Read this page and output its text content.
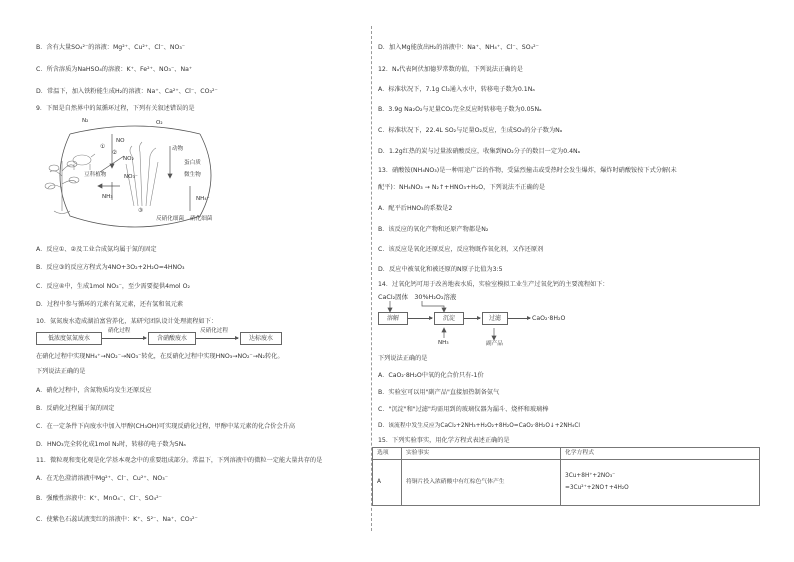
B．含有大量SO₄²⁻的溶液：Mg²⁺、Cu²⁺、Cl⁻、NO₃⁻
C．所含溶质为NaHSO₄的溶液：K⁺、Fe²⁺、NO₃⁻、Na⁺
D．常温下，加入铁粉能生成H₂的溶液：Na⁺、Ca²⁺、Cl⁻、CO₃²⁻
9．下图是自然界中的氮循环过程，下列有关叙述错误的是
N₂	O₂
NO
NO₂
NO₃⁻
NH₃	NH₄⁺
豆科植物
动物
蛋白质
微生物
反硝化细菌 硝化细菌
①
②
③
A．反应①、②及工业合成氨均属于氮的固定
B．反应③的反应方程式为4NO+3O₂+2H₂O=4HNO₃
C．反应④中，生成1mol NO₃⁻，至少需要提供4mol O₂
D．过程中参与循环的元素有氮元素，还有氢和氧元素
10．氨氮废水造成湖泊富营养化，某研究团队设计处理流程如下：
低浓度氨氮废水
硝化过程
含硝酸废水
反硝化过程
达标废水
在硝化过程中实现NH₄⁺→NO₂⁻→NO₃⁻转化，在反硝化过程中实现HNO₃→NO₂⁻→N₂转化。
下列说法正确的是
A．硝化过程中，含氮物质均发生还原反应
B．反硝化过程属于氮的固定
C．在一定条件下向废水中加入甲醇(CH₃OH)可实现反硝化过程，甲醇中某元素的化合价会升高
D．HNO₃完全转化成1mol N₂时，转移的电子数为5Nₐ
11．微粒观和变化观是化学基本观念中的重要组成部分。常温下，下列溶液中的微粒一定能大量共存的是
A．在无色澄清溶液中Mg²⁺、Cl⁻、Cu²⁺、NO₃⁻
B．强酸性溶液中：K⁺、MnO₄⁻、Cl⁻、SO₄²⁻
C．使紫色石蕊试液变红的溶液中：K⁺、S²⁻、Na⁺、CO₃²⁻
D．加入Mg能放出H₂的溶液中：Na⁺、NH₄⁺、Cl⁻、SO₄²⁻
12．Nₐ代表阿伏加德罗常数的值，下列说法正确的是
A．标准状况下，7.1g Cl₂通入水中，转移电子数为0.1Nₐ
B．3.9g Na₂O₂与足量CO₂完全反应时转移电子数为0.05Nₐ
C．标准状况下，22.4L SO₂与足量O₂反应，生成SO₃的分子数为Nₐ
D．1.2g红热的炭与过量浓硝酸反应，收集到NO₂分子的数目一定为0.4Nₐ
13．硝酸铵(NH₄NO₃)是一种用途广泛的作物，受猛烈撞击或受热时会发生爆炸，爆炸时硝酸铵按下式分解(未
配平)：NH₄NO₃ → N₂↑+HNO₃+H₂O，下列说法不正确的是
A．配平后HNO₃的系数是2
B．该反应的氧化产物和还原产物都是N₂
C．该反应是氧化还原反应，反应物既作氧化剂，又作还原剂
D．反应中被氧化和被还原的N原子比值为3:5
14．过氧化钙可用于改善地表水质，实验室模拟工业生产过氧化钙的主要流程如下：
CaCl₂固体　30%H₂O₂溶液
溶解	沉淀	过滤	CaO₂·8H₂O
NH₃	副产品
下列说法正确的是
A．CaO₂·8H₂O中氧的化合价只有-1价
B．实验室可以用"副产品"直接加热制备氨气
C．"沉淀"和"过滤"均需用到的玻璃仪器为漏斗、烧杯和玻璃棒
D．该流程中发生反应为CaCl₂+2NH₃+H₂O₂+8H₂O=CaO₂·8H₂O↓+2NH₄Cl
15．下列实验事实，用化学方程式表述正确的是
选项	实验事实	化学方程式
A	将铜片投入浓硝酸中有红棕色气体产生	3Cu+8H⁺+2NO₃⁻
=3Cu²⁺+2NO↑+4H₂O
